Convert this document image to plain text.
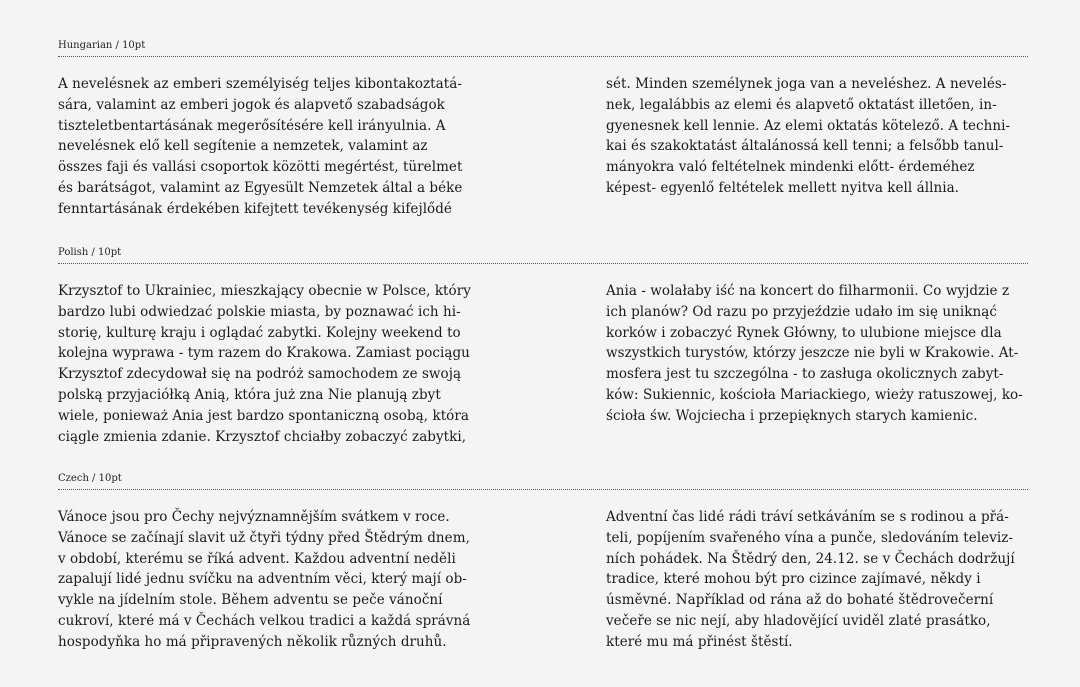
Hungarian / 10pt

A nevelésnek az emberi személyiség teljes kibontakoztatá-
sára, valamint az emberi jogok és alapvető szabadságok
tiszteletbentartásának megerősítésére kell irányulnia. A
nevelésnek elő kell segítenie a nemzetek, valamint az
összes faji és vallási csoportok közötti megértést, türelmet
és barátságot, valamint az Egyesült Nemzetek által a béke
fenntartásának érdekében kifejtett tevékenység kifejlődé

sét. Minden személynek joga van a neveléshez. A nevelés-
nek, legalábbis az elemi és alapvető oktatást illetően, in-
gyenesnek kell lennie. Az elemi oktatás kötelező. A techni-
kai és szakoktatást általánossá kell tenni; a felsőbb tanul-
mányokra való feltételnek mindenki előtt- érdeméhez
képest- egyenlő feltételek mellett nyitva kell állnia.

Polish / 10pt

Krzysztof to Ukrainiec, mieszkający obecnie w Polsce, który
bardzo lubi odwiedzać polskie miasta, by poznawać ich hi-
storię, kulturę kraju i oglądać zabytki. Kolejny weekend to
kolejna wyprawa - tym razem do Krakowa. Zamiast pociągu
Krzysztof zdecydował się na podróż samochodem ze swoją
polską przyjaciółką Anią, która już zna Nie planują zbyt
wiele, ponieważ Ania jest bardzo spontaniczną osobą, która
ciągle zmienia zdanie. Krzysztof chciałby zobaczyć zabytki,

Ania - wolałaby iść na koncert do filharmonii. Co wyjdzie z
ich planów? Od razu po przyjeździe udało im się uniknąć
korków i zobaczyć Rynek Główny, to ulubione miejsce dla
wszystkich turystów, którzy jeszcze nie byli w Krakowie. At-
mosfera jest tu szczególna - to zasługa okolicznych zabyt-
ków: Sukiennic, kościoła Mariackiego, wieży ratuszowej, ko-
ścioła św. Wojciecha i przepięknych starych kamienic.

Czech / 10pt

Vánoce jsou pro Čechy nejvýznamnějším svátkem v roce.
Vánoce se začínají slavit už čtyři týdny před Štědrým dnem,
v období, kterému se říká advent. Každou adventní neděli
zapalují lidé jednu svíčku na adventním věci, který mají ob-
vykle na jídelním stole. Během adventu se peče vánoční
cukroví, které má v Čechách velkou tradici a každá správná
hospodyňka ho má připravených několik různých druhů.

Adventní čas lidé rádi tráví setkáváním se s rodinou a přá-
teli, popíjením svařeného vína a punče, sledováním televiz-
ních pohádek. Na Štědrý den, 24.12. se v Čechách dodržují
tradice, které mohou být pro cizince zajímavé, někdy i
úsměvné. Například od rána až do bohaté štědrovečerní
večeře se nic nejí, aby hladovějící uviděl zlaté prasátko,
které mu má přinést štěstí.
